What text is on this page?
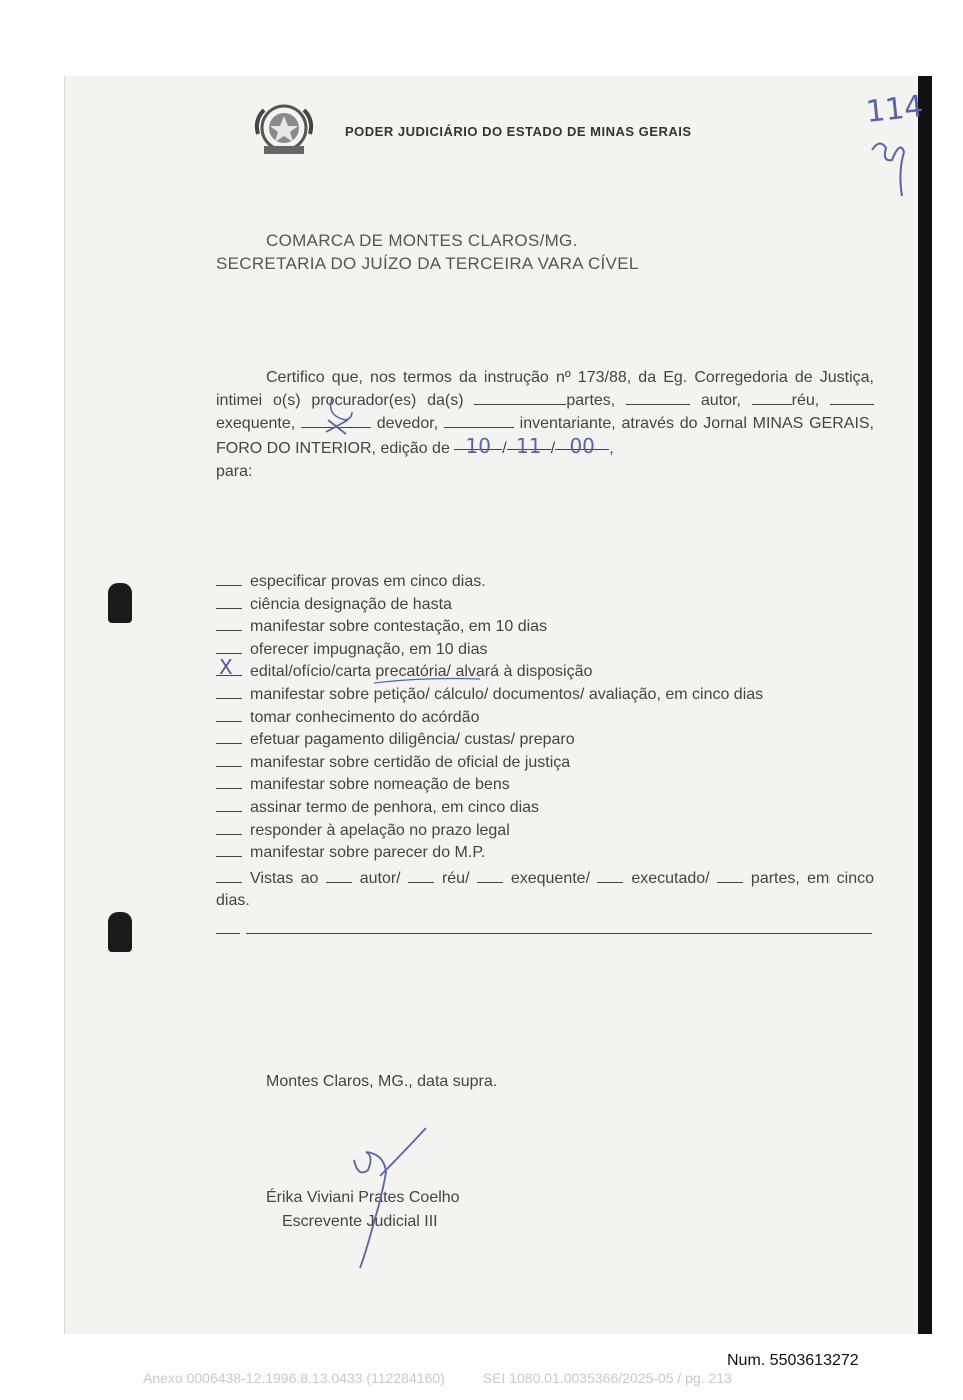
PODER JUDICIÁRIO DO ESTADO DE MINAS GERAIS
114
COMARCA DE MONTES CLAROS/MG.
SECRETARIA DO JUÍZO DA TERCEIRA VARA CÍVEL

Certifico que, nos termos da instrução nº 173/88, da Eg. Corregedoria de Justiça, intimei o(s) procurador(es) da(s)	partes,	autor,	réu, exequente,	devedor,	inventariante, através do Jornal MINAS GERAIS, FORO DO INTERIOR, edição de 10 / 11 / 00 ,

para:

especificar provas em cinco dias.
ciência designação de hasta
manifestar sobre contestação, em 10 dias
oferecer impugnação, em 10 dias
X edital/ofício/carta precatória/ alvará à disposição
manifestar sobre petição/ cálculo/ documentos/ avaliação, em cinco dias
tomar conhecimento do acórdão
efetuar pagamento diligência/ custas/ preparo
manifestar sobre certidão de oficial de justiça
manifestar sobre nomeação de bens
assinar termo de penhora, em cinco dias
responder à apelação no prazo legal
manifestar sobre parecer do M.P.
Vistas ao	autor/	réu/	exequente/	executado/	partes, em cinco dias.
Montes Claros, MG., data supra.
Érika Viviani Prates Coelho
Escrevente Judicial III
Num. 5503613272
Anexo 0006438-12.1996.8.13.0433 (112284160)	SEI 1080.01.0035366/2025-05 / pg. 213
